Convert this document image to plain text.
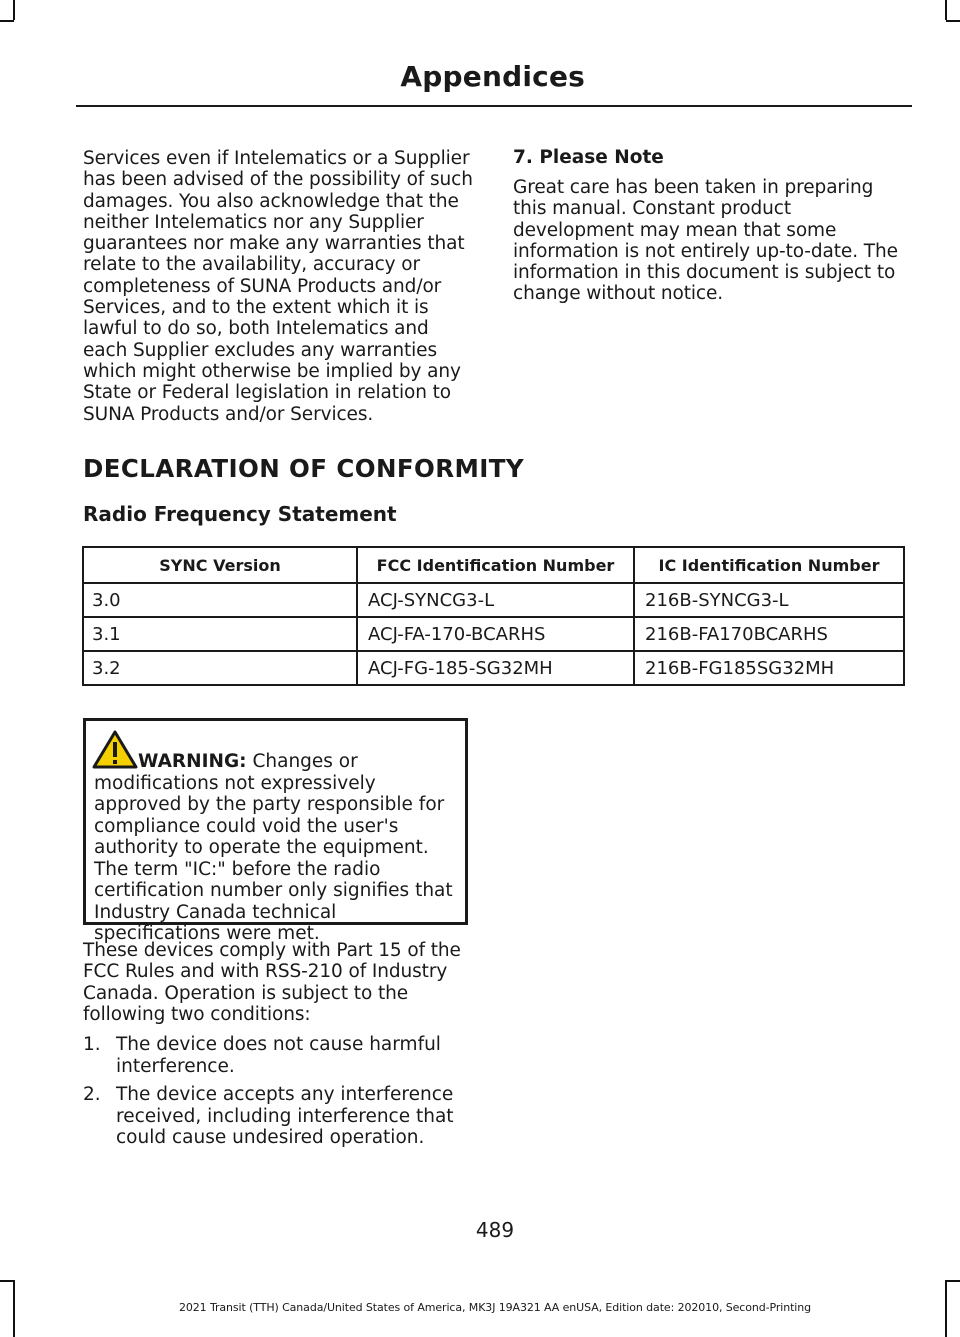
Appendices

Services even if Intelematics or a Supplier has been advised of the possibility of such damages. You also acknowledge that the neither Intelematics nor any Supplier guarantees nor make any warranties that relate to the availability, accuracy or completeness of SUNA Products and/or Services, and to the extent which it is lawful to do so, both Intelematics and each Supplier excludes any warranties which might otherwise be implied by any State or Federal legislation in relation to SUNA Products and/or Services.

7. Please Note

Great care has been taken in preparing this manual. Constant product development may mean that some information is not entirely up-to-date. The information in this document is subject to change without notice.

DECLARATION OF CONFORMITY
Radio Frequency Statement
SYNC Version	FCC Identification Number	IC Identification Number
3.0	ACJ-SYNCG3-L	216B-SYNCG3-L
3.1	ACJ-FA-170-BCARHS	216B-FA170BCARHS
3.2	ACJ-FG-185-SG32MH	216B-FG185SG32MH

WARNING: Changes or modifications not expressively approved by the party responsible for compliance could void the user's authority to operate the equipment. The term "IC:" before the radio certification number only signifies that Industry Canada technical specifications were met.

These devices comply with Part 15 of the FCC Rules and with RSS-210 of Industry Canada. Operation is subject to the following two conditions:

1. The device does not cause harmful interference.
2. The device accepts any interference received, including interference that could cause undesired operation.
489
2021 Transit (TTH) Canada/United States of America, MK3J 19A321 AA enUSA, Edition date: 202010, Second-Printing
